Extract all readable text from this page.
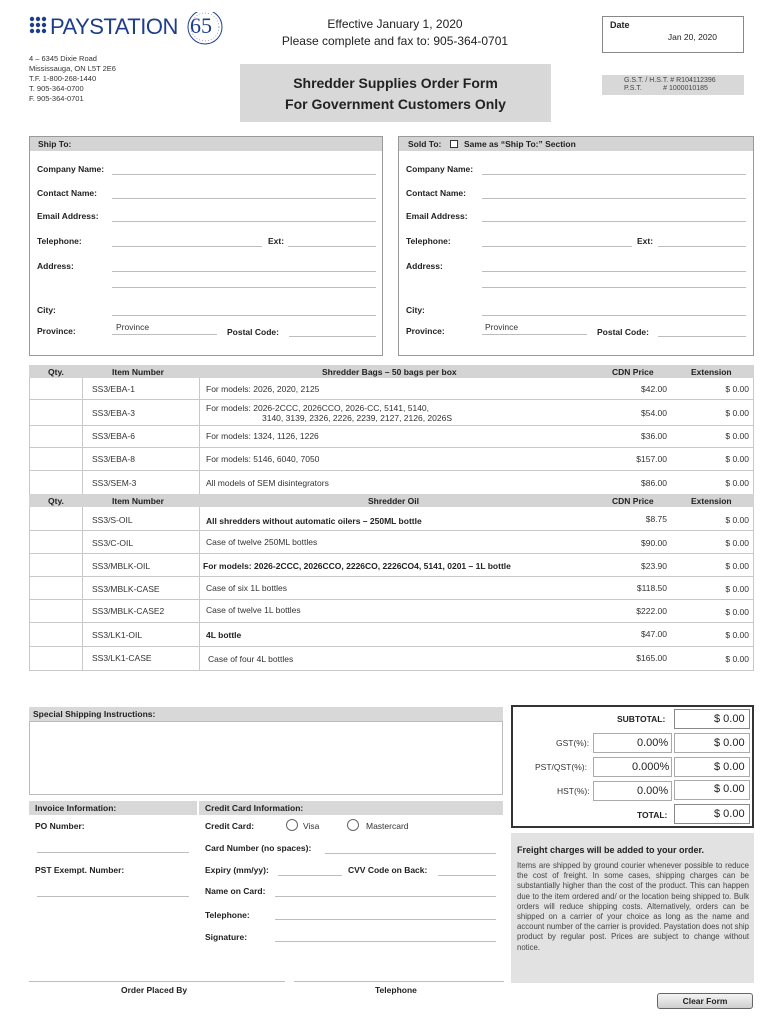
PAYSTATION 65
4 – 6345 Dixie Road
Mississauga, ON L5T 2E6
T.F. 1-800-268-1440
T. 905-364-0700
F. 905-364-0701
Effective January 1, 2020
Please complete and fax to: 905-364-0701
Date
Jan 20, 2020
Shredder Supplies Order Form
For Government Customers Only
G.S.T. / H.S.T. # R104112396
P.S.T.           # 1000010185
Ship To:
Company Name:
Contact Name:
Email Address:
Telephone:	Ext:
Address:
City:
Province:	Province	Postal Code:
Sold To:	Same as “Ship To:” Section
Company Name:
Contact Name:
Email Address:
Telephone:	Ext:
Address:
City:
Province:	Province	Postal Code:
Qty.	Item Number	Shredder Bags – 50 bags per box	CDN Price	Extension
SS3/EBA-1	For models: 2026, 2020, 2125	$42.00	$ 0.00
SS3/EBA-3	For models: 2026-2CCC, 2026CCO, 2026-CC, 5141, 5140,
3140, 3139, 2326, 2226, 2239, 2127, 2126, 2026S	$54.00	$ 0.00
SS3/EBA-6	For models: 1324, 1126, 1226	$36.00	$ 0.00
SS3/EBA-8	For models: 5146, 6040, 7050	$157.00	$ 0.00
SS3/SEM-3	All models of SEM disintegrators	$86.00	$ 0.00
Qty.	Item Number	Shredder Oil	CDN Price	Extension
SS3/S-OIL	All shredders without automatic oilers – 250ML bottle	$8.75	$ 0.00
SS3/C-OIL	Case of twelve 250ML bottles	$90.00	$ 0.00
SS3/MBLK-OIL	For models: 2026-2CCC, 2026CCO, 2226CO, 2226CO4, 5141, 0201 – 1L bottle	$23.90	$ 0.00
SS3/MBLK-CASE	Case of six 1L bottles	$118.50	$ 0.00
SS3/MBLK-CASE2	Case of twelve 1L bottles	$222.00	$ 0.00
SS3/LK1-OIL	4L bottle	$47.00	$ 0.00
SS3/LK1-CASE	Case of four 4L bottles	$165.00	$ 0.00
Special Shipping Instructions:	SUBTOTAL:	$ 0.00
GST(%):	0.00%	$ 0.00
PST/QST(%):	0.000%	$ 0.00
HST(%):	0.00%	$ 0.00
TOTAL:	$ 0.00
Invoice Information:	Credit Card Information:
PO Number:
PST Exempt. Number:
Credit Card:	Visa	Mastercard
Card Number (no spaces):
Expiry (mm/yy):	CVV Code on Back:
Name on Card:
Telephone:
Signature:
Freight charges will be added to your order.
Items are shipped by ground courier whenever possible to reduce the cost of freight. In some cases, shipping charges can be substantially higher than the cost of the product. This can happen due to the item ordered and/ or the location being shipped to. Bulk orders will reduce shipping costs. Alternatively, orders can be shipped on a carrier of your choice as long as the name and account number of the carrier is provided. Paystation does not ship product by regular post. Prices are subject to change without notice.
Order Placed By	Telephone
Clear Form
